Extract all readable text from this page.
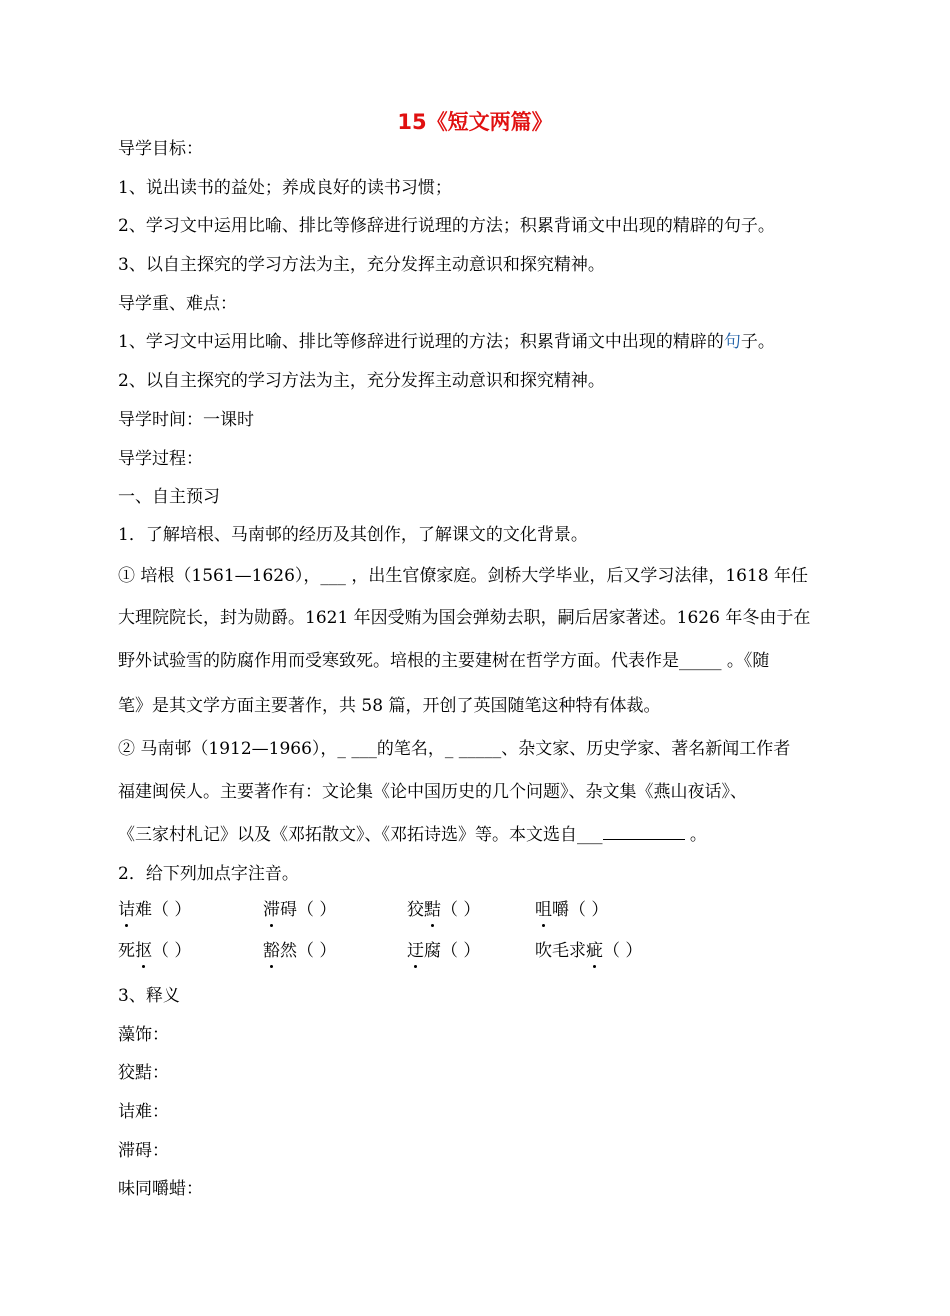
15《短文两篇》
导学目标：
1、说出读书的益处；养成良好的读书习惯；
2、学习文中运用比喻、排比等修辞进行说理的方法；积累背诵文中出现的精辟的句子。
3、以自主探究的学习方法为主，充分发挥主动意识和探究精神。
导学重、难点：
1、学习文中运用比喻、排比等修辞进行说理的方法；积累背诵文中出现的精辟的句子。
2、以自主探究的学习方法为主，充分发挥主动意识和探究精神。
导学时间：一课时
导学过程：
一、自主预习
1．了解培根、马南邨的经历及其创作，了解课文的文化背景。
① 培根（1561—1626），___ ，出生官僚家庭。剑桥大学毕业，后又学习法律，1618 年任
大理院院长，封为勋爵。1621 年因受贿为国会弹劾去职，嗣后居家著述。1626 年冬由于在
野外试验雪的防腐作用而受寒致死。培根的主要建树在哲学方面。代表作是_____ 。《随
笔》是其文学方面主要著作，共 58 篇，开创了英国随笔这种特有体裁。
② 马南邨（1912—1966），_ ___的笔名，_ _____、杂文家、历史学家、著名新闻工作者
福建闽侯人。主要著作有：文论集《论中国历史的几个问题》、杂文集《燕山夜话》、
《三家村札记》以及《邓拓散文》、《邓拓诗选》等。本文选自___	。
2．给下列加点字注音。
诘难（ ）	滞碍（ ）	狡黠（ ）	咀嚼（ ）
死抠（ ）	豁然（ ）	迂腐（ ）	吹毛求疵（ ）
3、释义
藻饰：
狡黠：
诘难：
滞碍：
味同嚼蜡：
